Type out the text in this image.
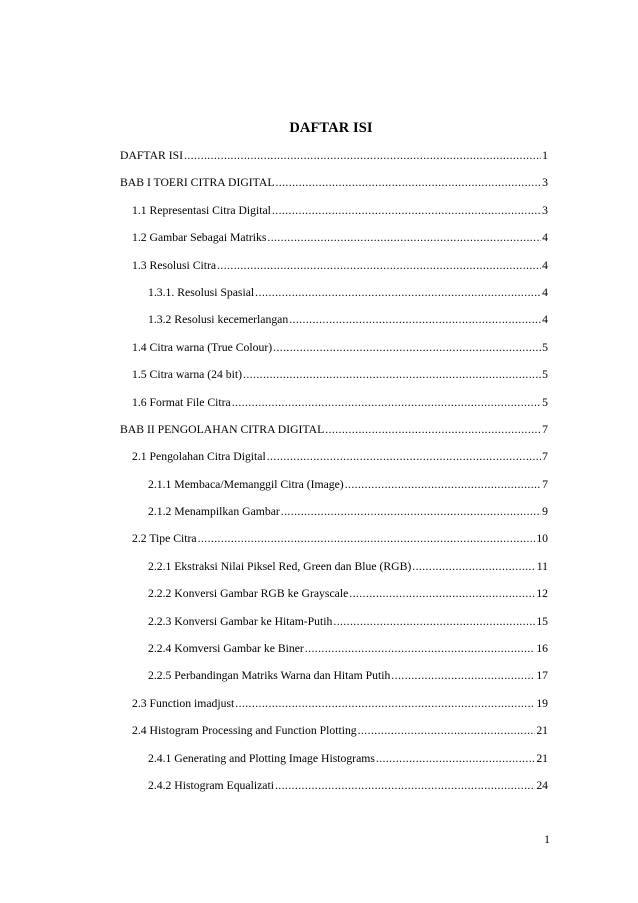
DAFTAR ISI
DAFTAR ISI .....	1
BAB I TOERI CITRA DIGITAL .....	3
1.1 Representasi Citra Digital .....	3
1.2 Gambar Sebagai Matriks .....	4
1.3 Resolusi Citra .....	4
1.3.1. Resolusi Spasial .....	4
1.3.2 Resolusi kecemerlangan .....	4
1.4 Citra warna (True Colour) .....	5
1.5 Citra warna (24 bit) .....	5
1.6 Format File Citra .....	5
BAB II PENGOLAHAN CITRA DIGITAL .....	7
2.1 Pengolahan Citra Digital .....	7
2.1.1 Membaca/Memanggil Citra (Image) .....	7
2.1.2 Menampilkan Gambar .....	9
2.2 Tipe Citra .....	10
2.2.1 Ekstraksi Nilai Piksel Red, Green dan Blue (RGB) .....	11
2.2.2 Konversi Gambar RGB ke Grayscale .....	12
2.2.3 Konversi Gambar ke Hitam-Putih .....	15
2.2.4 Komversi Gambar ke Biner .....	16
2.2.5 Perbandingan Matriks Warna dan Hitam Putih .....	17
2.3 Function imadjust .....	19
2.4 Histogram Processing and Function Plotting .....	21
2.4.1 Generating and Plotting Image Histograms .....	21
2.4.2 Histogram Equalizati .....	24
1
